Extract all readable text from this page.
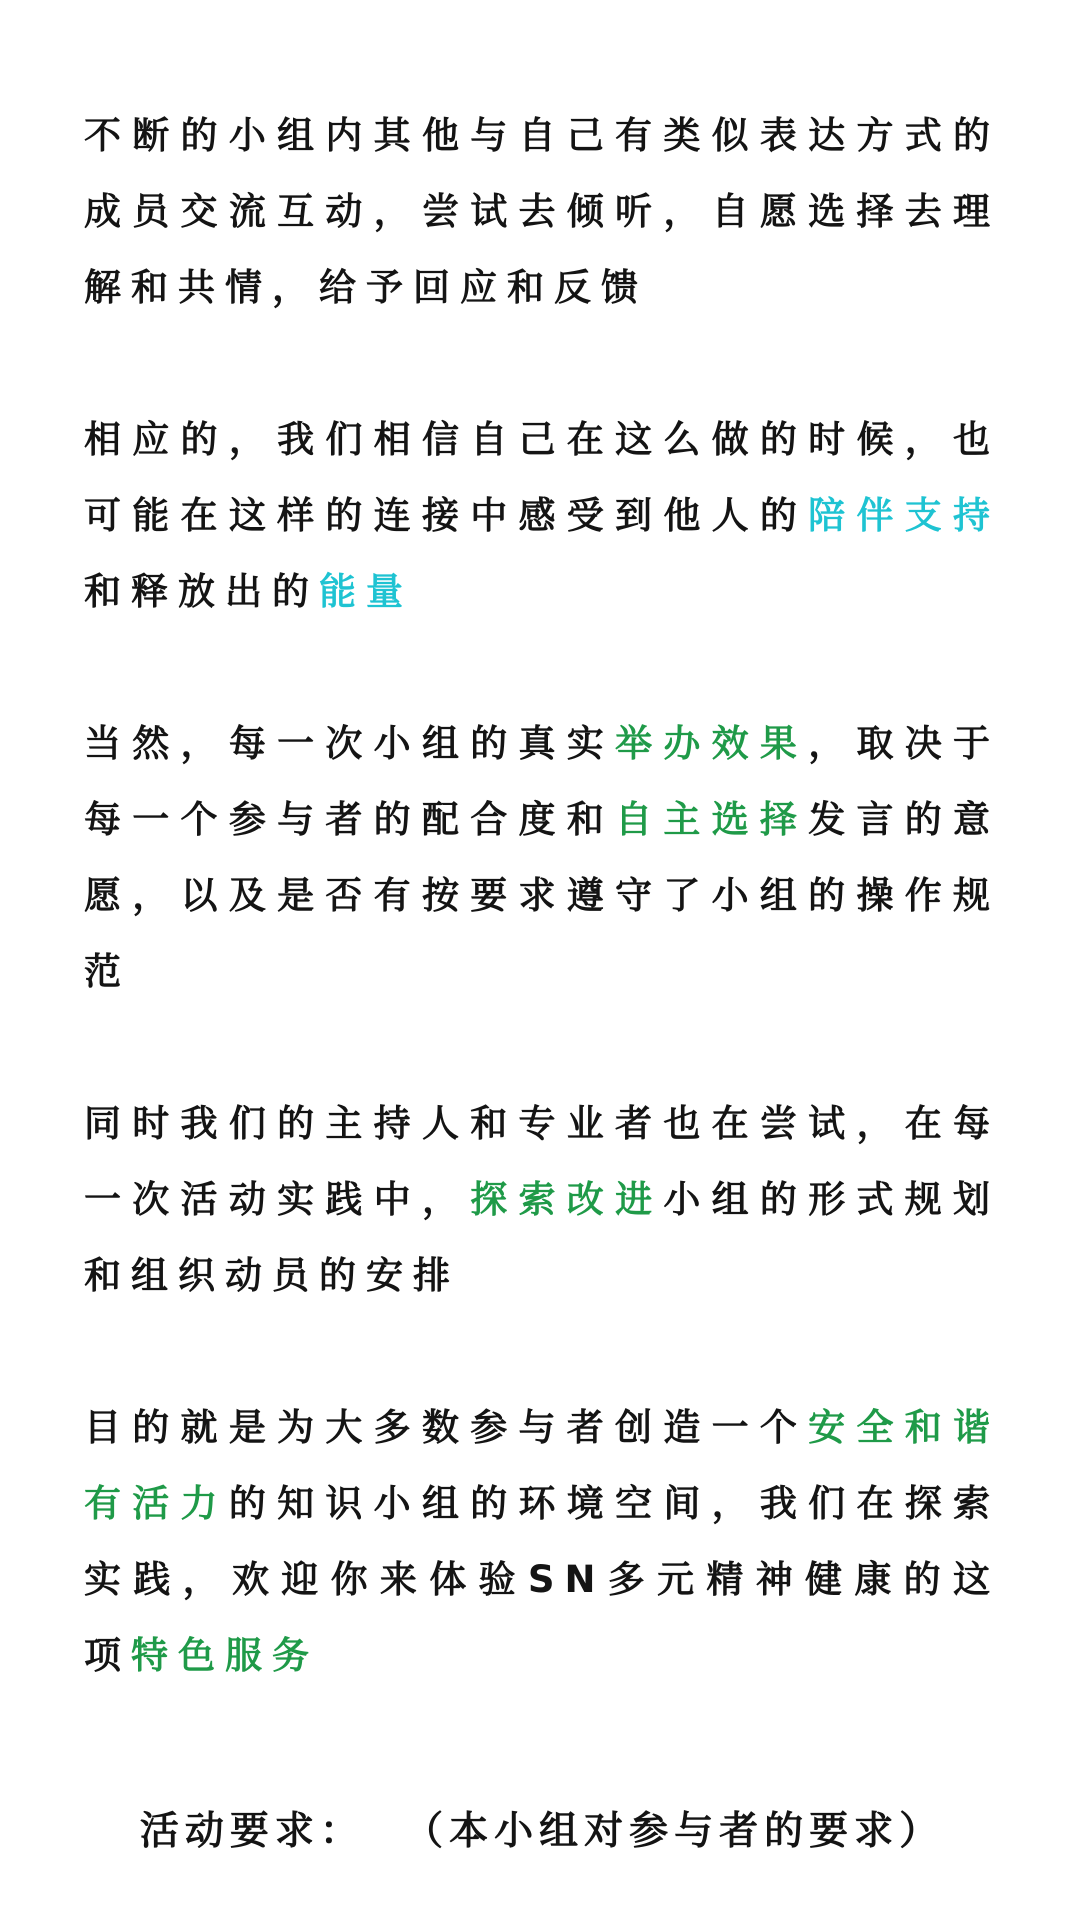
不断的小组内其他与自己有类似表达方式的成员交流互动，尝试去倾听，自愿选择去理解和共情，给予回应和反馈

相应的，我们相信自己在这么做的时候，也可能在这样的连接中感受到他人的陪伴支持和释放出的能量

当然，每一次小组的真实举办效果，取决于每一个参与者的配合度和自主选择发言的意愿，以及是否有按要求遵守了小组的操作规范

同时我们的主持人和专业者也在尝试，在每一次活动实践中，探索改进小组的形式规划和组织动员的安排

目的就是为大多数参与者创造一个安全和谐有活力的知识小组的环境空间，我们在探索实践，欢迎你来体验SN多元精神健康的这项特色服务

活动要求： （本小组对参与者的要求）
